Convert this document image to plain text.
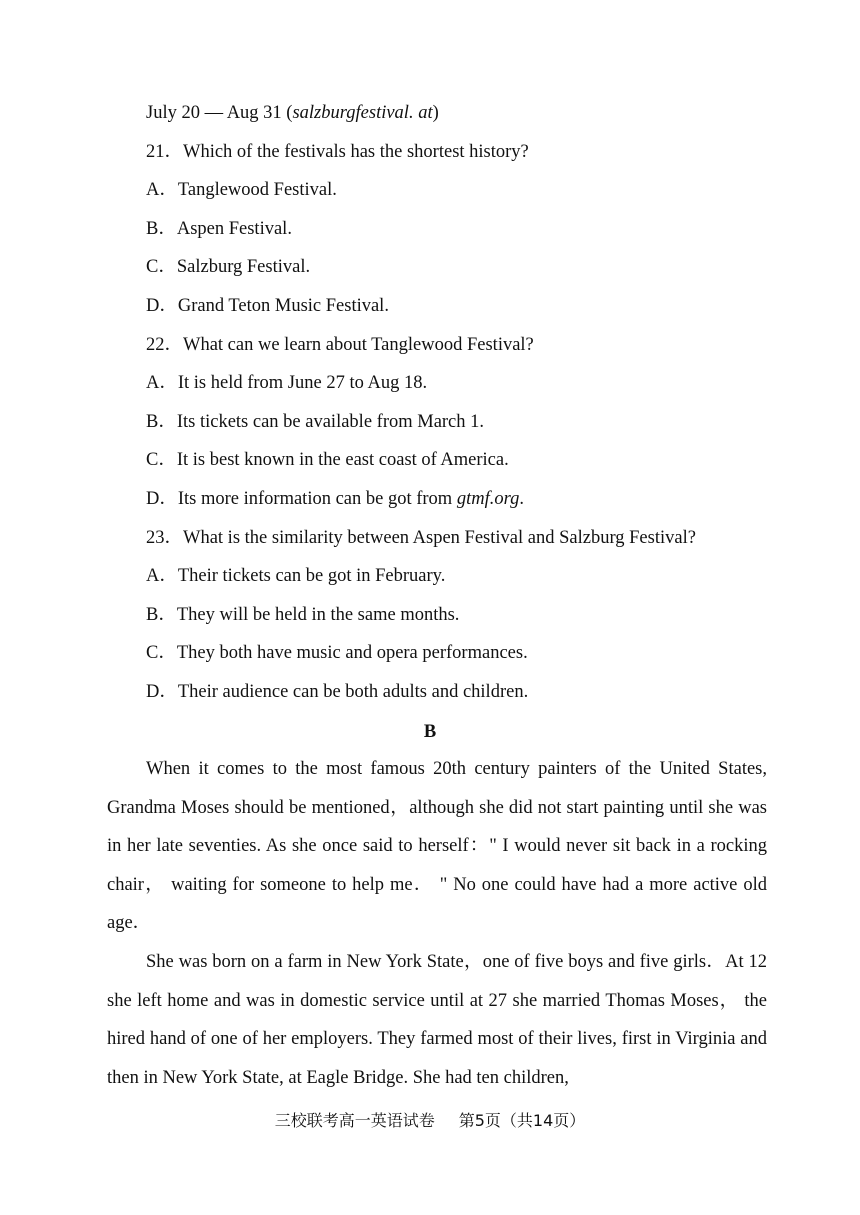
July 20 — Aug 31 (salzburgfestival. at)
21．Which of the festivals has the shortest history?
A．Tanglewood Festival.
B．Aspen Festival.
C．Salzburg Festival.
D．Grand Teton Music Festival.
22．What can we learn about Tanglewood Festival?
A．It is held from June 27 to Aug 18.
B．Its tickets can be available from March 1.
C．It is best known in the east coast of America.
D．Its more information can be got from gtmf.org.
23．What is the similarity between Aspen Festival and Salzburg Festival?
A．Their tickets can be got in February.
B．They will be held in the same months.
C．They both have music and opera performances.
D．Their audience can be both adults and children.
B

When it comes to the most famous 20th century painters of the United States, Grandma Moses should be mentioned，although she did not start painting until she was in her late seventies. As she once said to herself：" I would never sit back in a rocking chair， waiting for someone to help me． " No one could have had a more active old age．

She was born on a farm in New York State，one of five boys and five girls．At 12 she left home and was in domestic service until at 27 she married Thomas Moses， the hired hand of one of her employers. They farmed most of their lives, first in Virginia and then in New York State, at Eagle Bridge. She had ten children,

三校联考高一英语试卷 第5页（共14页）
